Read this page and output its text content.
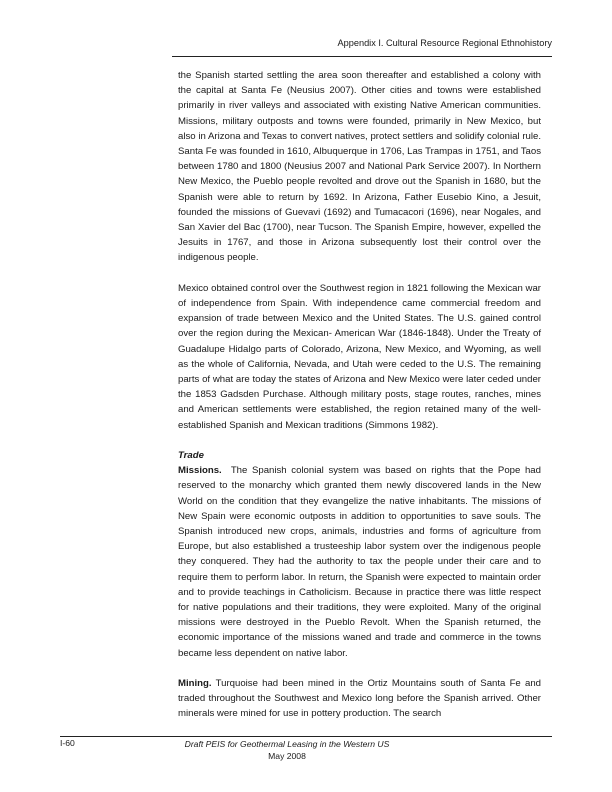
Appendix I. Cultural Resource Regional Ethnohistory

the Spanish started settling the area soon thereafter and established a colony with the capital at Santa Fe (Neusius 2007). Other cities and towns were established primarily in river valleys and associated with existing Native American communities. Missions, military outposts and towns were founded, primarily in New Mexico, but also in Arizona and Texas to convert natives, protect settlers and solidify colonial rule. Santa Fe was founded in 1610, Albuquerque in 1706, Las Trampas in 1751, and Taos between 1780 and 1800 (Neusius 2007 and National Park Service 2007). In Northern New Mexico, the Pueblo people revolted and drove out the Spanish in 1680, but the Spanish were able to return by 1692. In Arizona, Father Eusebio Kino, a Jesuit, founded the missions of Guevavi (1692) and Tumacacori (1696), near Nogales, and San Xavier del Bac (1700), near Tucson. The Spanish Empire, however, expelled the Jesuits in 1767, and those in Arizona subsequently lost their control over the indigenous people.

Mexico obtained control over the Southwest region in 1821 following the Mexican war of independence from Spain. With independence came commercial freedom and expansion of trade between Mexico and the United States. The U.S. gained control over the region during the Mexican- American War (1846-1848). Under the Treaty of Guadalupe Hidalgo parts of Colorado, Arizona, New Mexico, and Wyoming, as well as the whole of California, Nevada, and Utah were ceded to the U.S. The remaining parts of what are today the states of Arizona and New Mexico were later ceded under the 1853 Gadsden Purchase. Although military posts, stage routes, ranches, mines and American settlements were established, the region retained many of the well-established Spanish and Mexican traditions (Simmons 1982).

Trade

Missions. The Spanish colonial system was based on rights that the Pope had reserved to the monarchy which granted them newly discovered lands in the New World on the condition that they evangelize the native inhabitants. The missions of New Spain were economic outposts in addition to opportunities to save souls. The Spanish introduced new crops, animals, industries and forms of agriculture from Europe, but also established a trusteeship labor system over the indigenous people they conquered. They had the authority to tax the people under their care and to require them to perform labor. In return, the Spanish were expected to maintain order and to provide teachings in Catholicism. Because in practice there was little respect for native populations and their traditions, they were exploited. Many of the original missions were destroyed in the Pueblo Revolt. When the Spanish returned, the economic importance of the missions waned and trade and commerce in the towns became less dependent on native labor.

Mining. Turquoise had been mined in the Ortiz Mountains south of Santa Fe and traded throughout the Southwest and Mexico long before the Spanish arrived. Other minerals were mined for use in pottery production. The search

I-60	Draft PEIS for Geothermal Leasing in the Western US
May 2008
